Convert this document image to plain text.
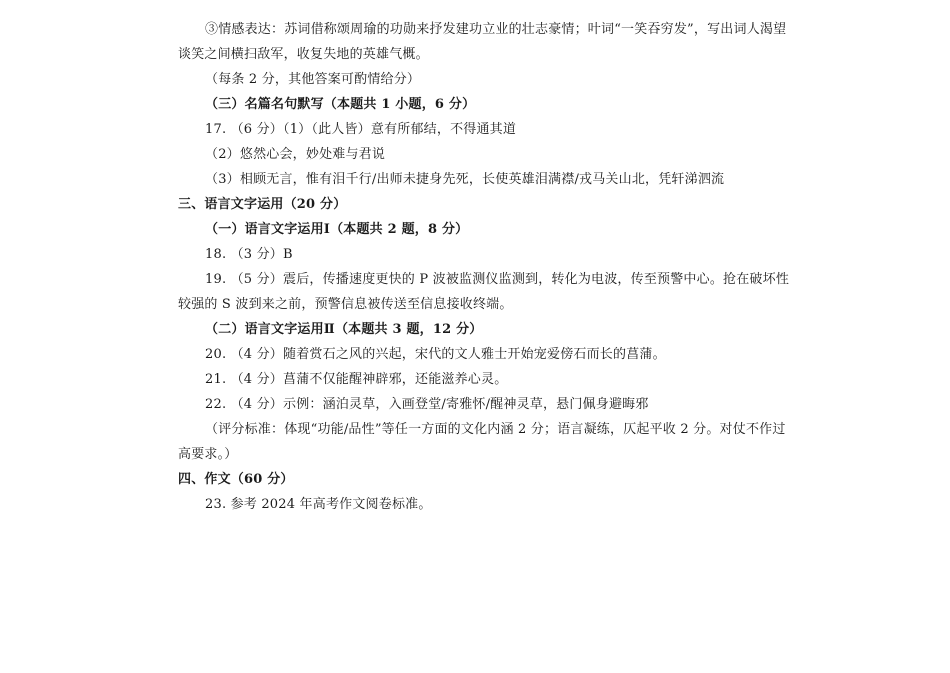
③情感表达：苏词借称颂周瑜的功勋来抒发建功立业的壮志豪情；叶词“一笑吞穷发”，写出词人渴望
谈笑之间横扫敌军，收复失地的英雄气概。
（每条 2 分，其他答案可酌情给分）
（三）名篇名句默写（本题共 1 小题，6 分）
17. （6 分）（1）（此人皆）意有所郁结，不得通其道
（2）悠然心会，妙处难与君说
（3）相顾无言，惟有泪千行/出师未捷身先死，长使英雄泪满襟/戎马关山北，凭轩涕泗流
三、语言文字运用（20 分）
（一）语言文字运用Ⅰ（本题共 2 题，8 分）
18. （3 分）B
19. （5 分）震后，传播速度更快的 P 波被监测仪监测到，转化为电波，传至预警中心。抢在破坏性
较强的 S 波到来之前，预警信息被传送至信息接收终端。
（二）语言文字运用Ⅱ（本题共 3 题，12 分）
20. （4 分）随着赏石之风的兴起，宋代的文人雅士开始宠爱傍石而长的菖蒲。
21. （4 分）菖蒲不仅能醒神辟邪，还能滋养心灵。
22. （4 分）示例：涵泊灵草，入画登堂/寄雅怀/醒神灵草，悬门佩身避晦邪
（评分标准：体现“功能/品性”等任一方面的文化内涵 2 分；语言凝练，仄起平收 2 分。对仗不作过
高要求。）
四、作文（60 分）
23. 参考 2024 年高考作文阅卷标准。
